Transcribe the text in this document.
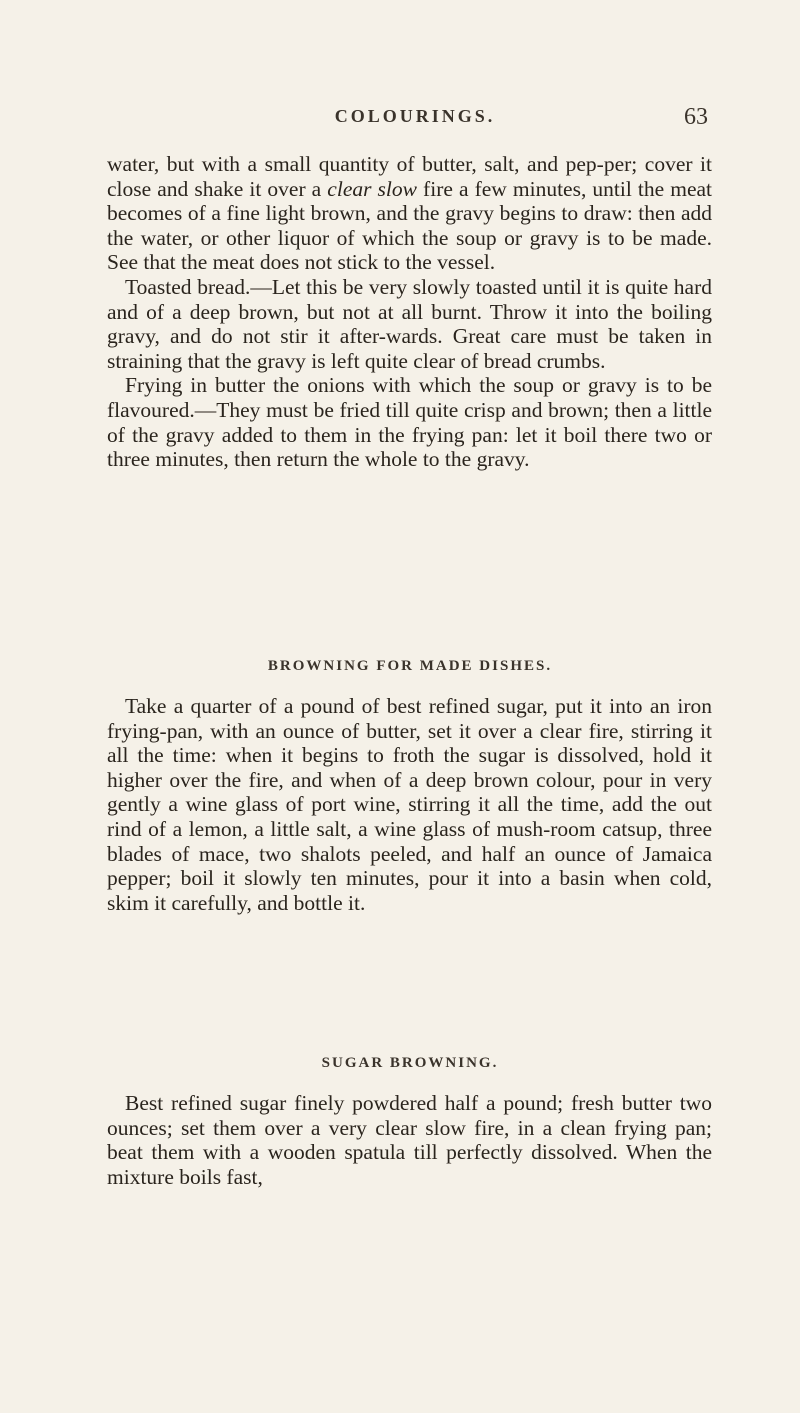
COLOURINGS.	63

water, but with a small quantity of butter, salt, and pep-per; cover it close and shake it over a clear slow fire a few minutes, until the meat becomes of a fine light brown, and the gravy begins to draw: then add the water, or other liquor of which the soup or gravy is to be made. See that the meat does not stick to the vessel.

Toasted bread.—Let this be very slowly toasted until it is quite hard and of a deep brown, but not at all burnt. Throw it into the boiling gravy, and do not stir it after-wards. Great care must be taken in straining that the gravy is left quite clear of bread crumbs.

Frying in butter the onions with which the soup or gravy is to be flavoured.—They must be fried till quite crisp and brown; then a little of the gravy added to them in the frying pan: let it boil there two or three minutes, then return the whole to the gravy.

BROWNING FOR MADE DISHES.

Take a quarter of a pound of best refined sugar, put it into an iron frying-pan, with an ounce of butter, set it over a clear fire, stirring it all the time: when it begins to froth the sugar is dissolved, hold it higher over the fire, and when of a deep brown colour, pour in very gently a wine glass of port wine, stirring it all the time, add the out rind of a lemon, a little salt, a wine glass of mush-room catsup, three blades of mace, two shalots peeled, and half an ounce of Jamaica pepper; boil it slowly ten minutes, pour it into a basin when cold, skim it carefully, and bottle it.

SUGAR BROWNING.

Best refined sugar finely powdered half a pound; fresh butter two ounces; set them over a very clear slow fire, in a clean frying pan; beat them with a wooden spatula till perfectly dissolved. When the mixture boils fast,
